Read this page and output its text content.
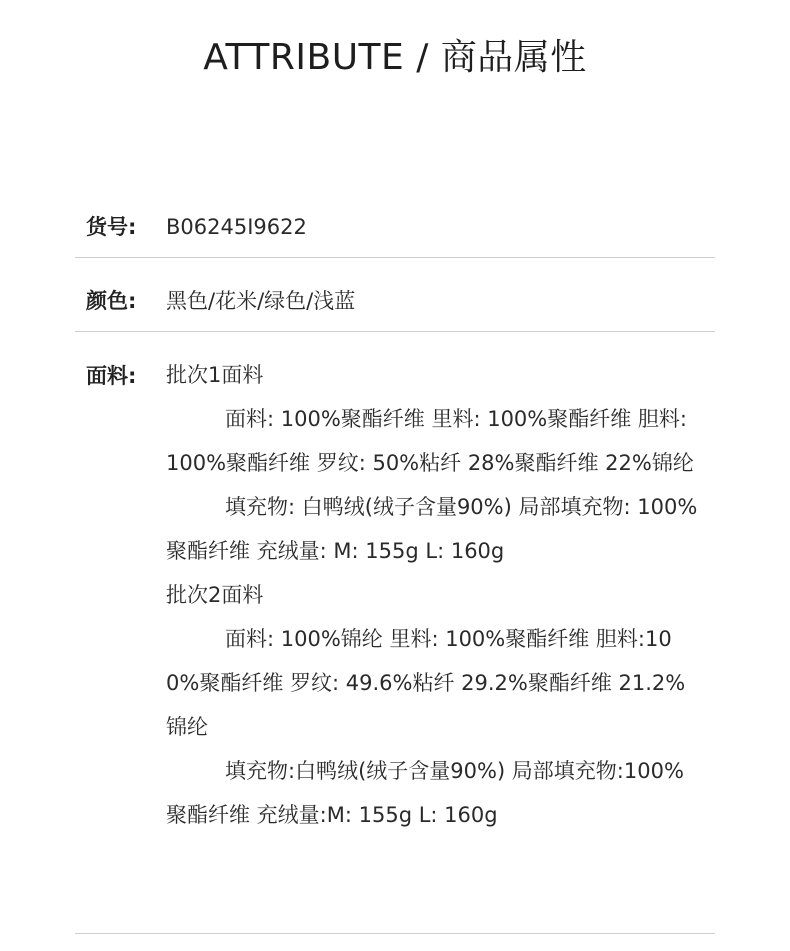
ATTRIBUTE / 商品属性
货号: B06245I9622
颜色: 黑色/花米/绿色/浅蓝
面料: 批次1面料
面料: 100%聚酯纤维 里料: 100%聚酯纤维 胆料: 100%聚酯纤维 罗纹: 50%粘纤 28%聚酯纤维 22%锦纶
填充物: 白鸭绒(绒子含量90%) 局部填充物: 100%聚酯纤维 充绒量: M: 155g L: 160g
批次2面料
面料: 100%锦纶 里料: 100%聚酯纤维 胆料:100%聚酯纤维 罗纹: 49.6%粘纤 29.2%聚酯纤维 21.2%锦纶
填充物:白鸭绒(绒子含量90%) 局部填充物:100%聚酯纤维 充绒量:M: 155g L: 160g
